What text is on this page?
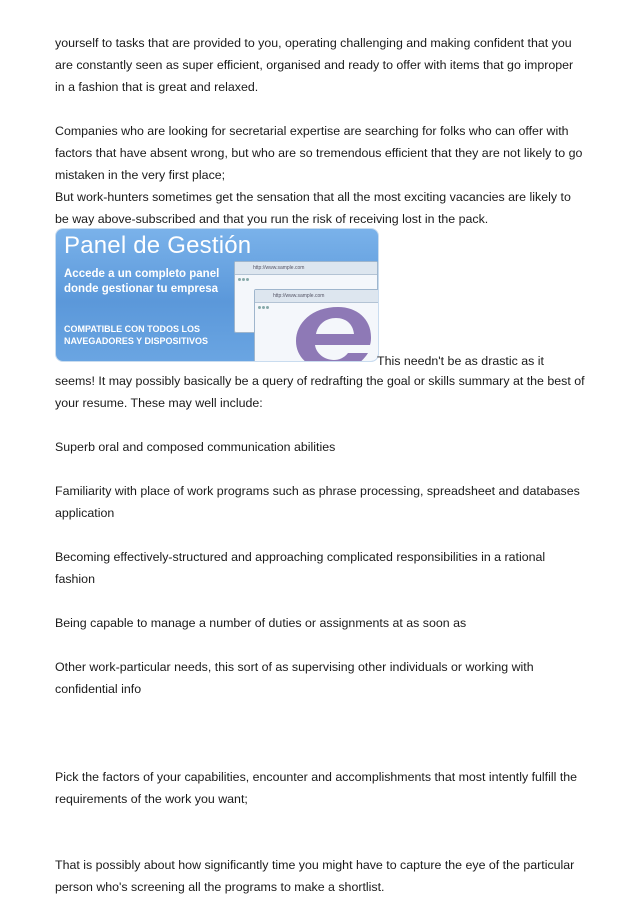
yourself to tasks that are provided to you, operating challenging and making confident that you are constantly seen as super efficient, organised and ready to offer with items that go improper in a fashion that is great and relaxed.

Companies who are looking for secretarial expertise are searching for folks who can offer with factors that have absent wrong, but who are so tremendous efficient that they are not likely to go mistaken in the very first place;

But work-hunters sometimes get the sensation that all the most exciting vacancies are likely to be way above-subscribed and that you run the risk of receiving lost in the pack.

Panel de Gestión
Accede a un completo panel donde gestionar tu empresa
COMPATIBLE CON TODOS LOS NAVEGADORES Y DISPOSITIVOS
http://www.sample.com
http://www.sample.com
This needn't be as drastic as it

seems! It may possibly basically be a query of redrafting the goal or skills summary at the best of your resume. These may well include:

Superb oral and composed communication abilities

Familiarity with place of work programs such as phrase processing, spreadsheet and databases application

Becoming effectively-structured and approaching complicated responsibilities in a rational fashion

Being capable to manage a number of duties or assignments at as soon as

Other work-particular needs, this sort of as supervising other individuals or working with confidential info

Pick the factors of your capabilities, encounter and accomplishments that most intently fulfill the requirements of the work you want;

That is possibly about how significantly time you might have to capture the eye of the particular person who's screening all the programs to make a shortlist.
